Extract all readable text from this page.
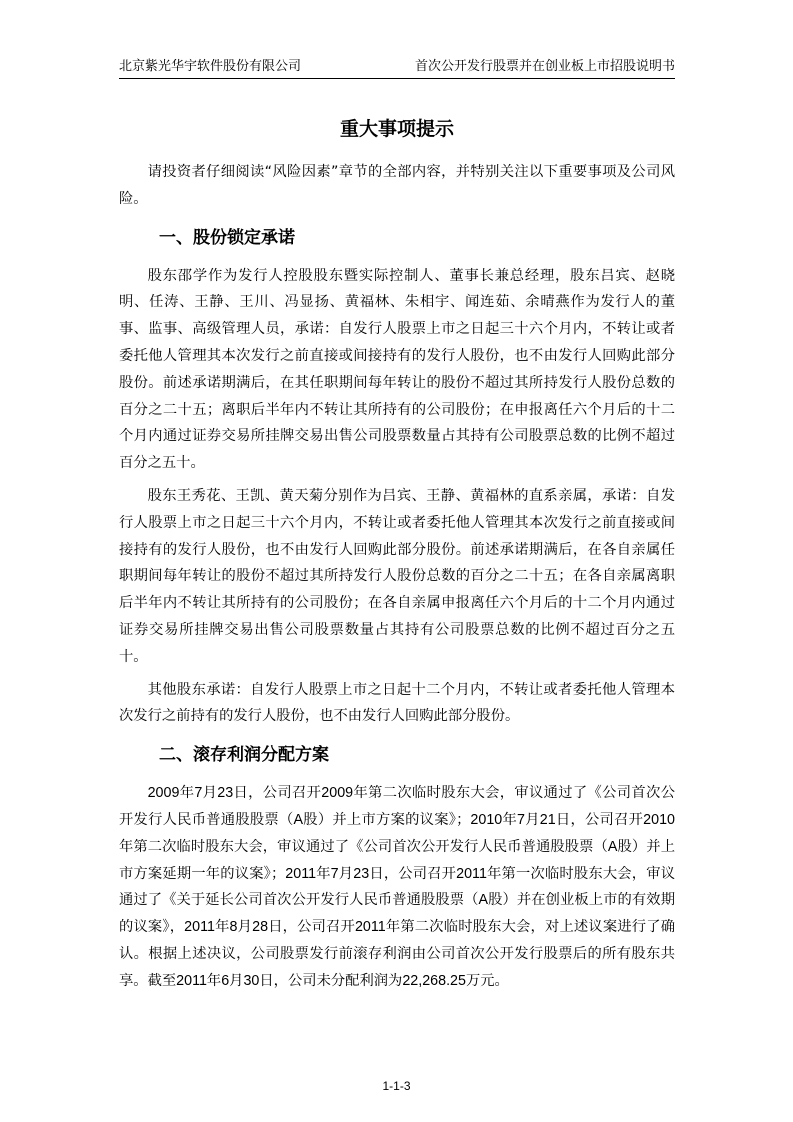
北京紫光华宇软件股份有限公司	首次公开发行股票并在创业板上市招股说明书
重大事项提示

请投资者仔细阅读“风险因素”章节的全部内容，并特别关注以下重要事项及公司风险。

一、股份锁定承诺

股东邵学作为发行人控股股东暨实际控制人、董事长兼总经理，股东吕宾、赵晓明、任涛、王静、王川、冯显扬、黄福林、朱相宇、闻连茹、余晴燕作为发行人的董事、监事、高级管理人员，承诺：自发行人股票上市之日起三十六个月内，不转让或者委托他人管理其本次发行之前直接或间接持有的发行人股份，也不由发行人回购此部分股份。前述承诺期满后，在其任职期间每年转让的股份不超过其所持发行人股份总数的百分之二十五；离职后半年内不转让其所持有的公司股份；在申报离任六个月后的十二个月内通过证券交易所挂牌交易出售公司股票数量占其持有公司股票总数的比例不超过百分之五十。

股东王秀花、王凯、黄天菊分别作为吕宾、王静、黄福林的直系亲属，承诺：自发行人股票上市之日起三十六个月内，不转让或者委托他人管理其本次发行之前直接或间接持有的发行人股份，也不由发行人回购此部分股份。前述承诺期满后，在各自亲属任职期间每年转让的股份不超过其所持发行人股份总数的百分之二十五；在各自亲属离职后半年内不转让其所持有的公司股份；在各自亲属申报离任六个月后的十二个月内通过证券交易所挂牌交易出售公司股票数量占其持有公司股票总数的比例不超过百分之五十。

其他股东承诺：自发行人股票上市之日起十二个月内，不转让或者委托他人管理本次发行之前持有的发行人股份，也不由发行人回购此部分股份。

二、滚存利润分配方案

2009年7月23日，公司召开2009年第二次临时股东大会，审议通过了《公司首次公开发行人民币普通股股票（A股）并上市方案的议案》；2010年7月21日，公司召开2010年第二次临时股东大会，审议通过了《公司首次公开发行人民币普通股股票（A股）并上市方案延期一年的议案》；2011年7月23日，公司召开2011年第一次临时股东大会，审议通过了《关于延长公司首次公开发行人民币普通股股票（A股）并在创业板上市的有效期的议案》，2011年8月28日，公司召开2011年第二次临时股东大会，对上述议案进行了确认。根据上述决议，公司股票发行前滚存利润由公司首次公开发行股票后的所有股东共享。截至2011年6月30日，公司未分配利润为22,268.25万元。

1-1-3
